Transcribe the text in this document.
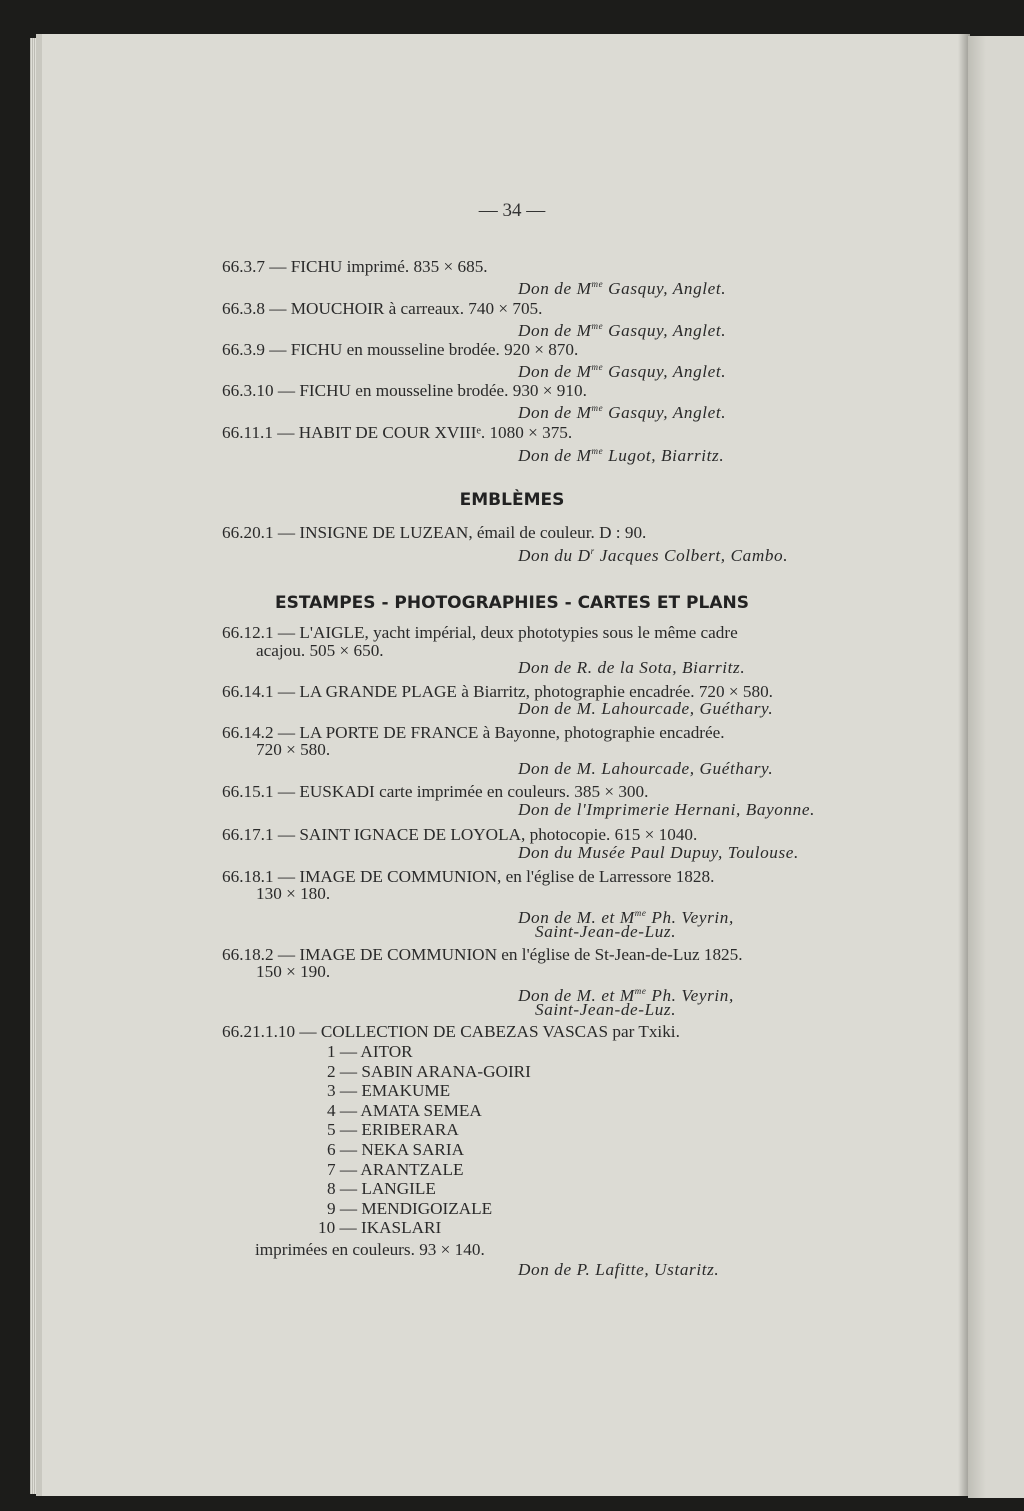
— 34 —
66.3.7 — FICHU imprimé. 835 × 685.
Don de $M^{me}$ Gasquy, Anglet.
66.3.8 — MOUCHOIR à carreaux. 740 × 705.
Don de $M^{me}$ Gasquy, Anglet.
66.3.9 — FICHU en mousseline brodée. 920 × 870.
Don de $M^{me}$ Gasquy, Anglet.
66.3.10 — FICHU en mousseline brodée. 930 × 910.
Don de $M^{me}$ Gasquy, Anglet.
66.11.1 — HABIT DE COUR XVIIIᵉ. 1080 × 375.
Don de $M^{me}$ Lugot, Biarritz.
EMBLÈMES
66.20.1 — INSIGNE DE LUZEAN, émail de couleur. D : 90.
Don du $D^r$ Jacques Colbert, Cambo.
ESTAMPES - PHOTOGRAPHIES - CARTES ET PLANS
66.12.1 — L'AIGLE, yacht impérial, deux phototypies sous le même cadre
acajou. 505 × 650.
Don de R. de la Sota, Biarritz.
66.14.1 — LA GRANDE PLAGE à Biarritz, photographie encadrée. 720 × 580.
Don de M. Lahourcade, Guéthary.
66.14.2 — LA PORTE DE FRANCE à Bayonne, photographie encadrée.
720 × 580.
Don de M. Lahourcade, Guéthary.
66.15.1 — EUSKADI carte imprimée en couleurs. 385 × 300.
Don de l'Imprimerie Hernani, Bayonne.
66.17.1 — SAINT IGNACE DE LOYOLA, photocopie. 615 × 1040.
Don du Musée Paul Dupuy, Toulouse.
66.18.1 — IMAGE DE COMMUNION, en l'église de Larressore 1828.
130 × 180.
Don de M. et $M^{me}$ Ph. Veyrin,
Saint-Jean-de-Luz.
66.18.2 — IMAGE DE COMMUNION en l'église de St-Jean-de-Luz 1825.
150 × 190.
Don de M. et $M^{me}$ Ph. Veyrin,
Saint-Jean-de-Luz.
66.21.1.10 — COLLECTION DE CABEZAS VASCAS par Txiki.
1 — AITOR
2 — SABIN ARANA-GOIRI
3 — EMAKUME
4 — AMATA SEMEA
5 — ERIBERARA
6 — NEKA SARIA
7 — ARANTZALE
8 — LANGILE
9 — MENDIGOIZALE
10 — IKASLARI
imprimées en couleurs. 93 × 140.
Don de P. Lafitte, Ustaritz.
